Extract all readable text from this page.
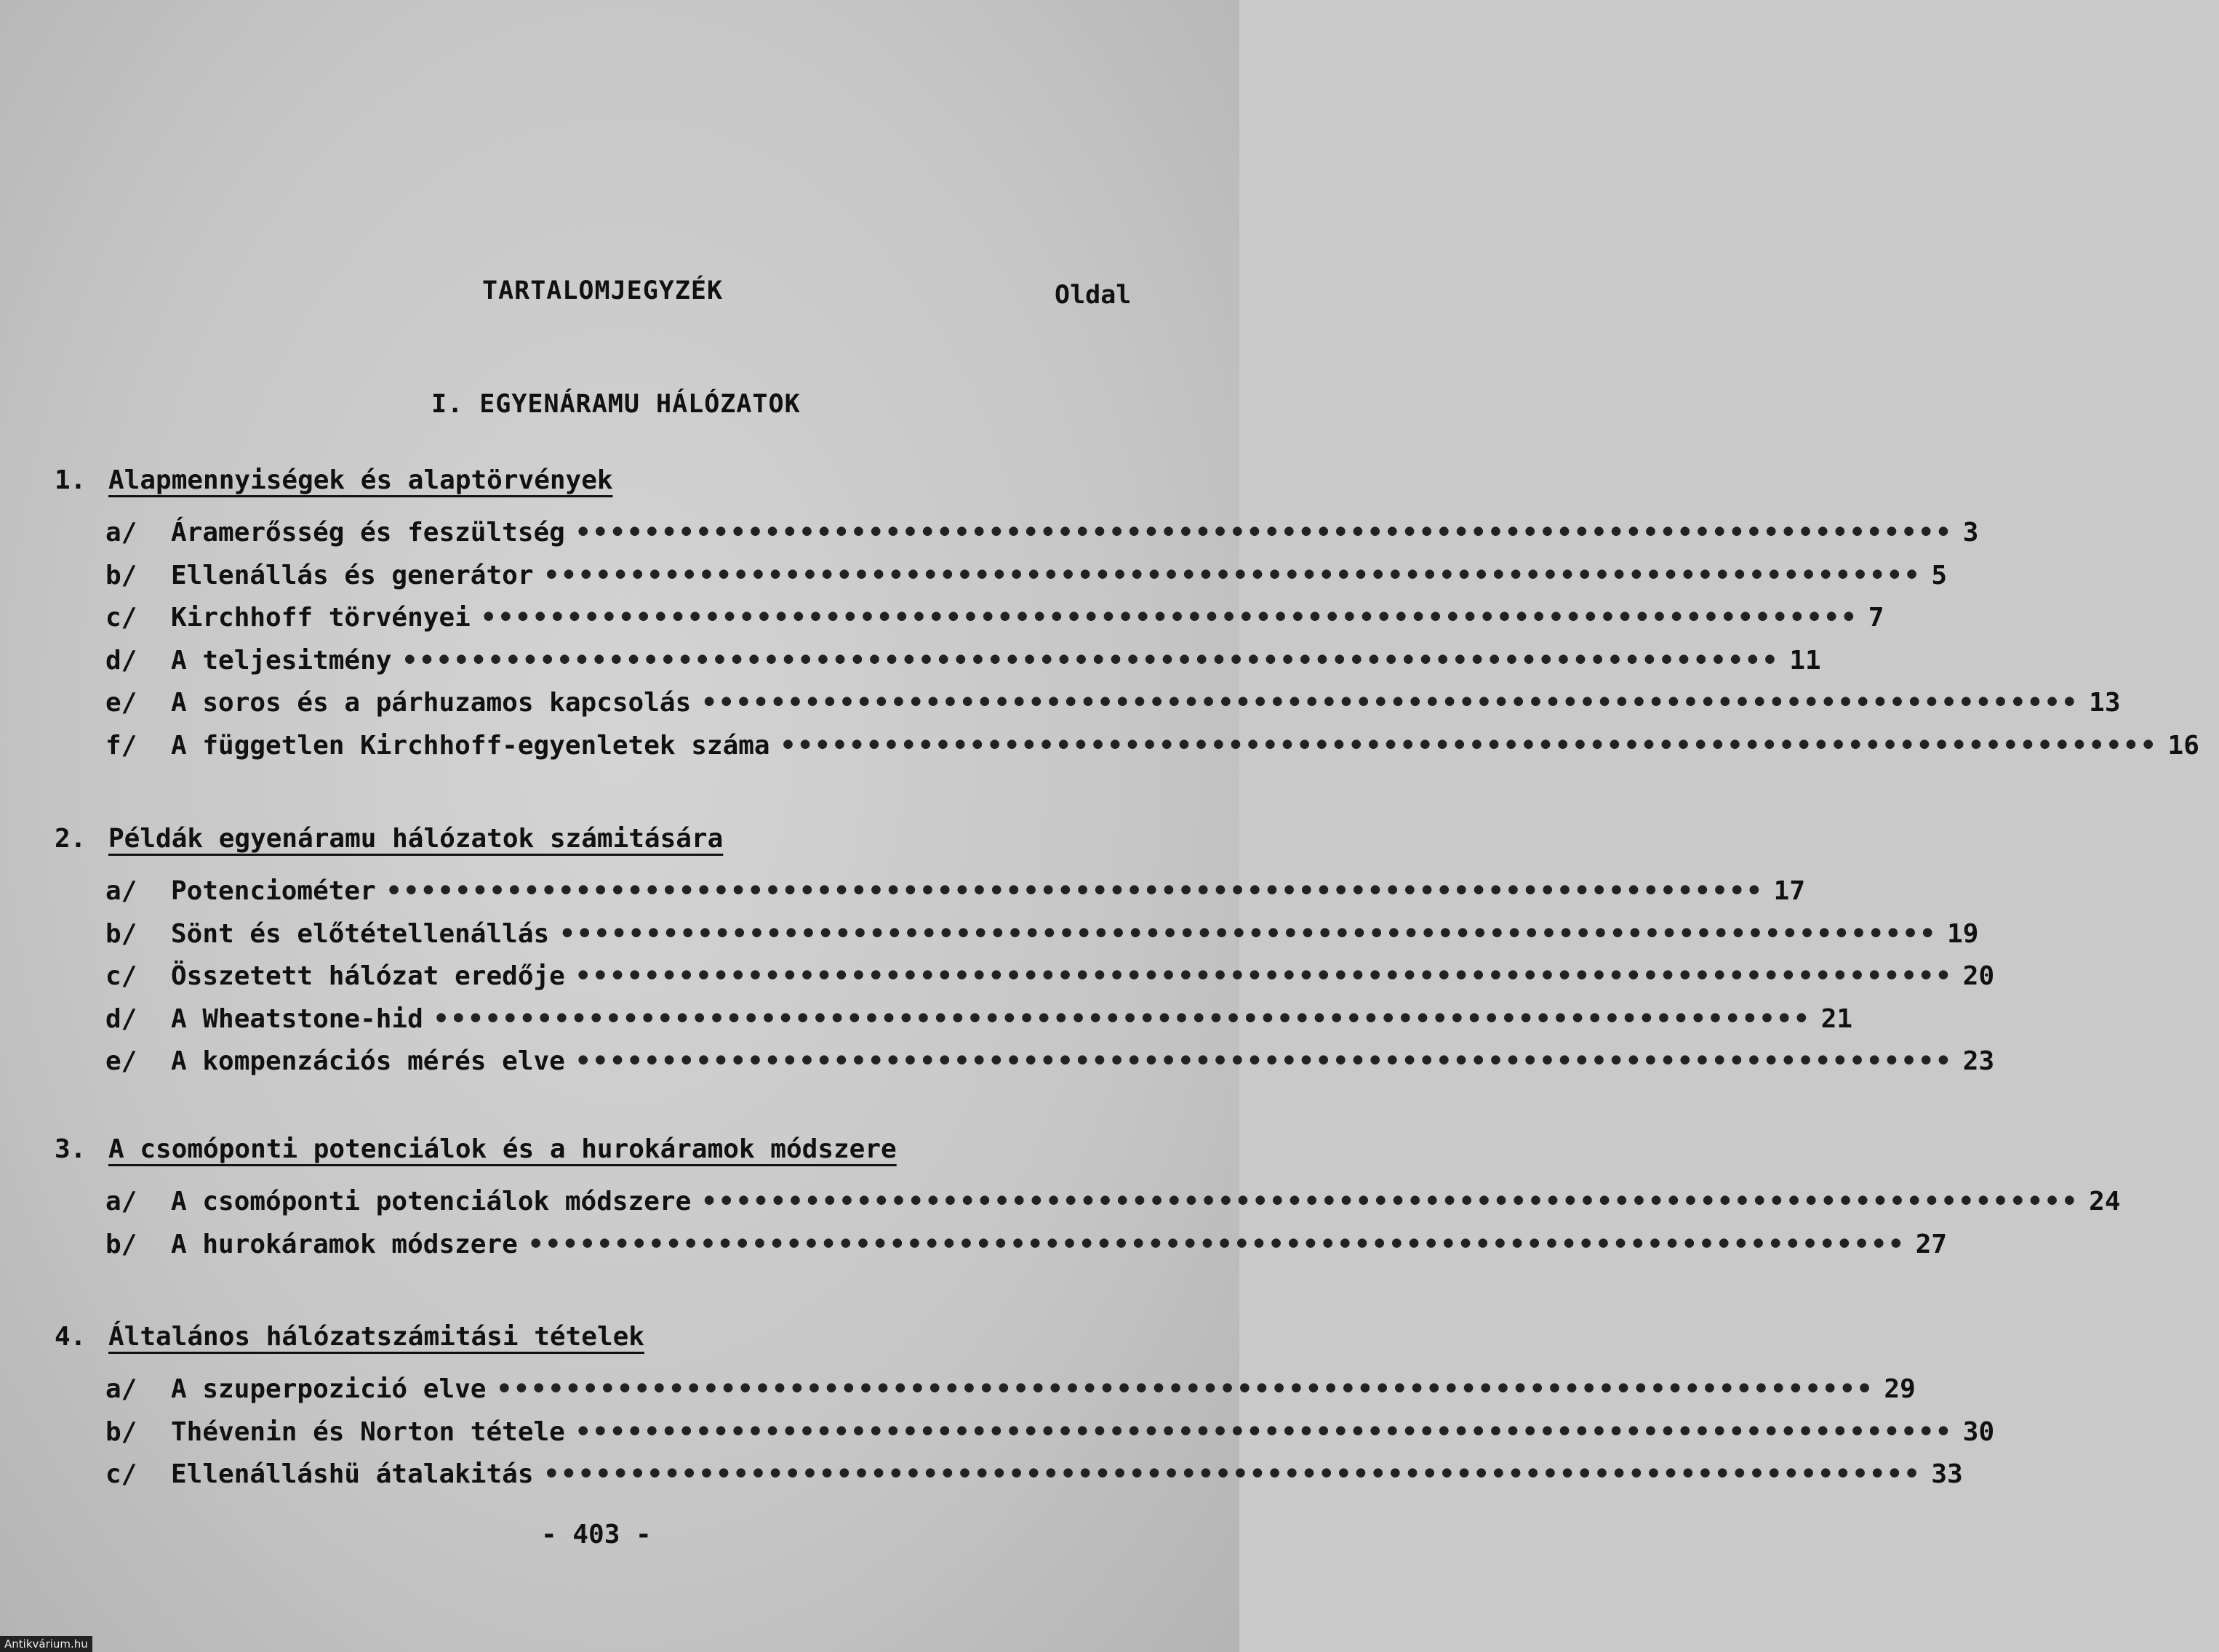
TARTALOMJEGYZÉK	Oldal
I. EGYENÁRAMU HÁLÓZATOK
1. Alapmennyiségek és alaptörvények
a/	Áramerősség és feszültség •••••••••••••••••••••••••••••••••••••••••••••••••••••••••••••••••••••••••••••••• 3
b/	Ellenállás és generátor •••••••••••••••••••••••••••••••••••••••••••••••••••••••••••••••••••••••••••••••• 5
c/	Kirchhoff törvényei •••••••••••••••••••••••••••••••••••••••••••••••••••••••••••••••••••••••••••••••• 7
d/	A teljesitmény •••••••••••••••••••••••••••••••••••••••••••••••••••••••••••••••••••••••••••••••• 11
e/	A soros és a párhuzamos kapcsolás •••••••••••••••••••••••••••••••••••••••••••••••••••••••••••••••••••••••••••••••• 13
f/	A független Kirchhoff-egyenletek száma •••••••••••••••••••••••••••••••••••••••••••••••••••••••••••••••••••••••••••••••• 16
2. Példák egyenáramu hálózatok számitására
a/	Potenciométer •••••••••••••••••••••••••••••••••••••••••••••••••••••••••••••••••••••••••••••••• 17
b/	Sönt és előtétellenállás •••••••••••••••••••••••••••••••••••••••••••••••••••••••••••••••••••••••••••••••• 19
c/	Összetett hálózat eredője •••••••••••••••••••••••••••••••••••••••••••••••••••••••••••••••••••••••••••••••• 20
d/	A Wheatstone-hid •••••••••••••••••••••••••••••••••••••••••••••••••••••••••••••••••••••••••••••••• 21
e/	A kompenzációs mérés elve •••••••••••••••••••••••••••••••••••••••••••••••••••••••••••••••••••••••••••••••• 23
3. A csomóponti potenciálok és a hurokáramok módszere
a/	A csomóponti potenciálok módszere •••••••••••••••••••••••••••••••••••••••••••••••••••••••••••••••••••••••••••••••• 24
b/	A hurokáramok módszere •••••••••••••••••••••••••••••••••••••••••••••••••••••••••••••••••••••••••••••••• 27
4. Általános hálózatszámitási tételek
a/	A szuperpozició elve •••••••••••••••••••••••••••••••••••••••••••••••••••••••••••••••••••••••••••••••• 29
b/	Thévenin és Norton tétele •••••••••••••••••••••••••••••••••••••••••••••••••••••••••••••••••••••••••••••••• 30
c/	Ellenálláshü átalakitás •••••••••••••••••••••••••••••••••••••••••••••••••••••••••••••••••••••••••••••••• 33
- 403 -
Antikvárium.hu
